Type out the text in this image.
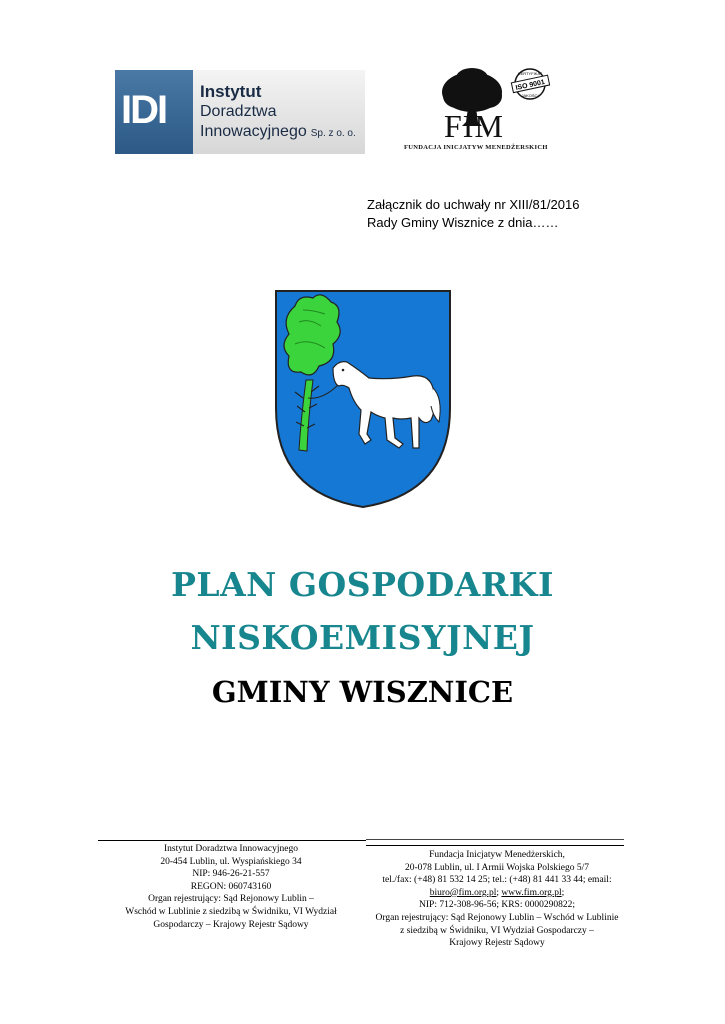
IDI Instytut
Doradztwa
Innowacyjnego Sp. z o. o.
ISO 9001
CERTYFIKAT
JAKOŚCI
FIM
FUNDACJA INICJATYW MENEDŻERSKICH
Załącznik do uchwały nr XIII/81/2016
Rady Gminy Wisznice z dnia……
PLAN GOSPODARKI
NISKOEMISYJNEJ
GMINY WISZNICE
Instytut Doradztwa Innowacyjnego
20-454 Lublin, ul. Wyspiańskiego 34
NIP: 946-26-21-557
REGON: 060743160
Organ rejestrujący: Sąd Rejonowy Lublin –
Wschód w Lublinie z siedzibą w Świdniku, VI Wydział
Gospodarczy – Krajowy Rejestr Sądowy
Fundacja Inicjatyw Menedżerskich,
20-078 Lublin, ul. I Armii Wojska Polskiego 5/7
tel./fax: (+48) 81 532 14 25; tel.: (+48) 81 441 33 44; email:
biuro@fim.org.pl; www.fim.org.pl;
NIP: 712-308-96-56; KRS: 0000290822;
Organ rejestrujący: Sąd Rejonowy Lublin – Wschód w Lublinie
z siedzibą w Świdniku, VI Wydział Gospodarczy –
Krajowy Rejestr Sądowy
